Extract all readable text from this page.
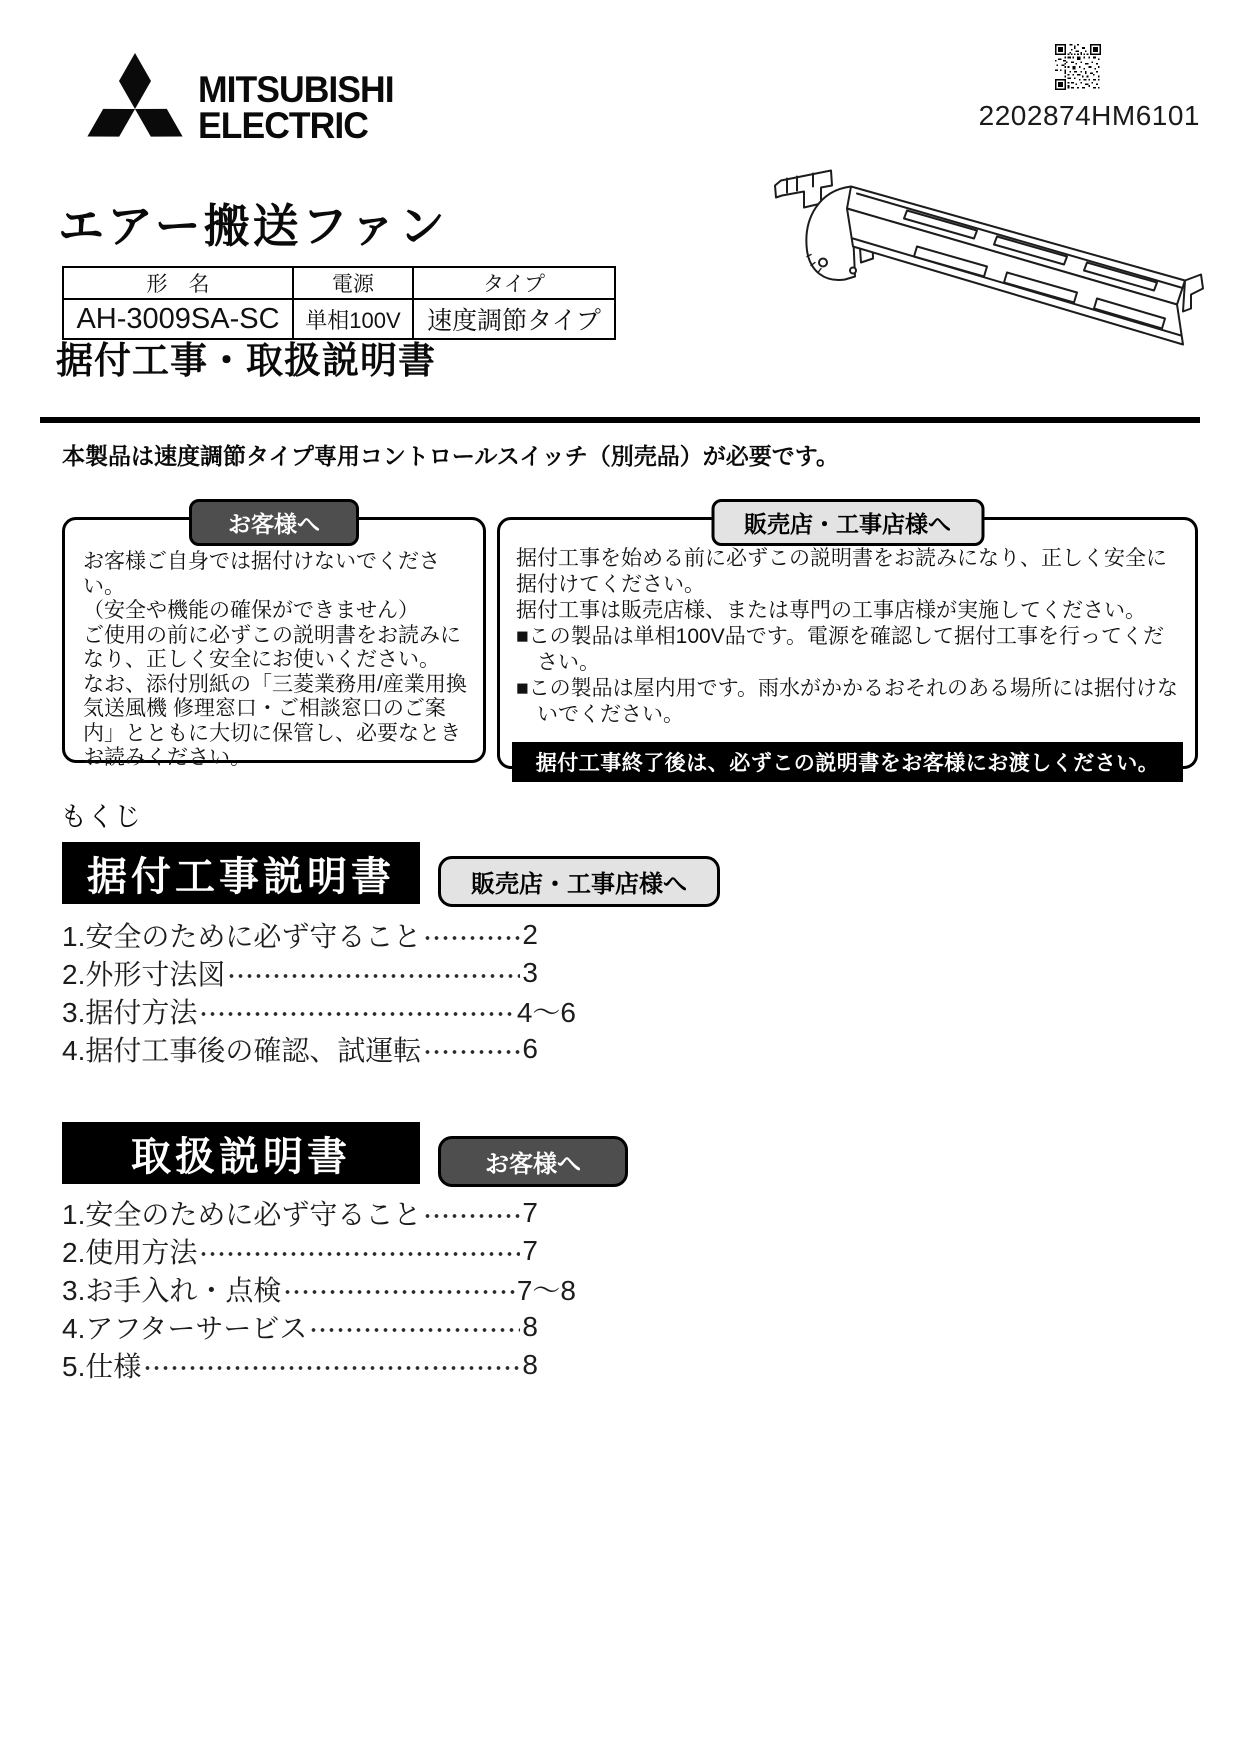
MITSUBISHI
ELECTRIC	2202874HM6101
エアー搬送ファン
形　名	電源	タイプ
AH-3009SA-SC	単相100V	速度調節タイプ
据付工事・取扱説明書
本製品は速度調節タイプ専用コントロールスイッチ（別売品）が必要です。
お客様へ

お客様ご自身では据付けないでください。

（安全や機能の確保ができません）

ご使用の前に必ずこの説明書をお読みになり、正しく安全にお使いください。

なお、添付別紙の「三菱業務用/産業用換気送風機 修理窓口・ご相談窓口のご案内」とともに大切に保管し、必要なときお読みください。

販売店・工事店様へ

据付工事を始める前に必ずこの説明書をお読みになり、正しく安全に据付けてください。

据付工事は販売店様、または専門の工事店様が実施してください。

■この製品は単相100V品です。電源を確認して据付工事を行ってください。

■この製品は屋内用です。雨水がかかるおそれのある場所には据付けないでください。

据付工事終了後は、必ずこの説明書をお客様にお渡しください。
もくじ
据付工事説明書	販売店・工事店様へ
1.安全のために必ず守ること	2
2.外形寸法図	3
3.据付方法	4～6
4.据付工事後の確認、試運転	6
取扱説明書	お客様へ
1.安全のために必ず守ること	7
2.使用方法	7
3.お手入れ・点検	7～8
4.アフターサービス	8
5.仕様	8
